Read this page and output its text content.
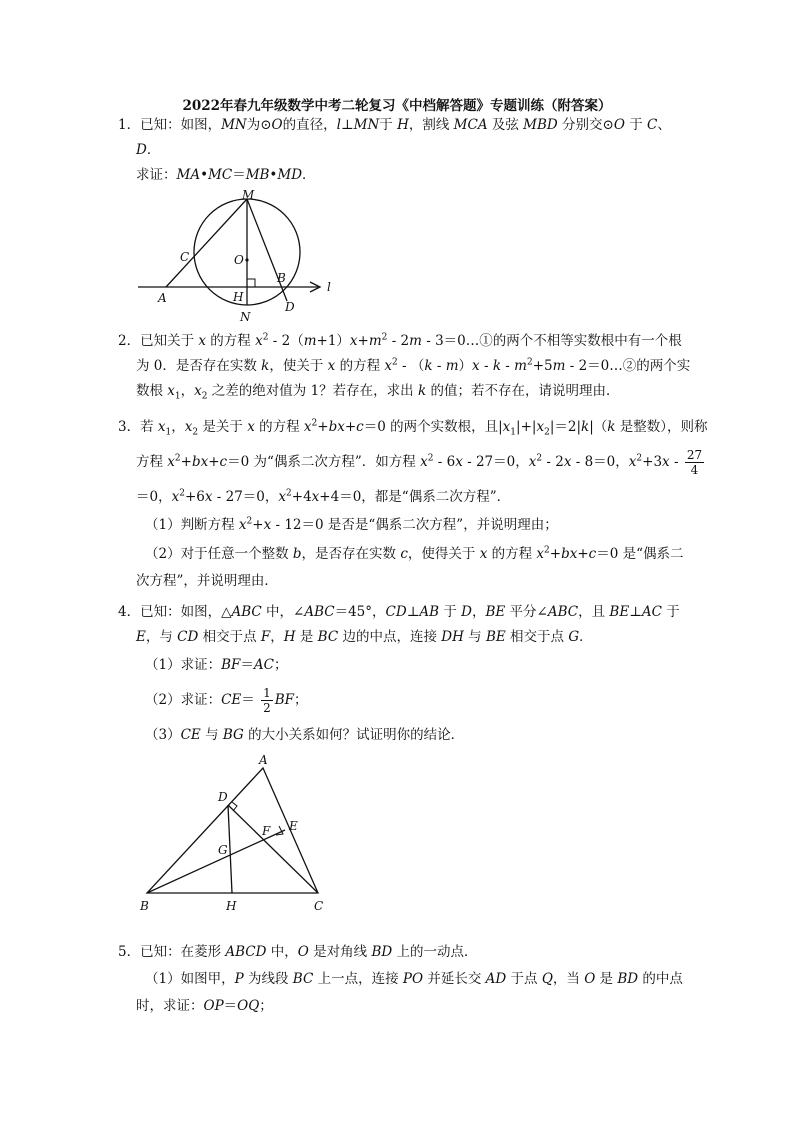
2022年春九年级数学中考二轮复习《中档解答题》专题训练（附答案）
1．已知：如图，MN为⊙O的直径，l⊥MN于 H，割线 MCA 及弦 MBD 分别交⊙O 于 C、
D．
求证：MA•MC＝MB•MD．
M
O
C
B
A	H
D
N
l
2．已知关于 x 的方程 $x^2 - 2(m+1)x+m^2 - 2m$ - 3＝0…①的两个不相等实数根中有一个根
为 0．是否存在实数 k，使关于 x 的方程 $x^2 - (k - m)x - k - m^2+5m$ - 2＝0…②的两个实
数根 $x_1$，$x_2$ 之差的绝对值为 1？若存在，求出 k 的值；若不存在，请说明理由．
3．若 $x_1$，$x_2$ 是关于 x 的方程 $x^2+bx+c=0$ 的两个实数根，且$|x_1|+|x_2|=2|k|(k$ 是整数），则称
方程 $x^2+bx+c=0$ 为“偶系二次方程”．如方程 $x^2 - 6x - 27=0$，$x^2 - 2x - 8=0$，$x^2+3x - \frac{27}{4}$
＝0，$x^2+6x - 27=0$，$x^2+4x+4=0$，都是“偶系二次方程”．
（1）判断方程 $x^2+x - 12=0$ 是否是“偶系二次方程”，并说明理由；
（2）对于任意一个整数 b，是否存在实数 c，使得关于 x 的方程 $x^2+bx+c=0$ 是“偶系二
次方程”，并说明理由．
4．已知：如图，△ABC 中，∠ABC＝45°，CD⊥AB 于 D，BE 平分∠ABC，且 BE⊥AC 于
E，与 CD 相交于点 F，H 是 BC 边的中点，连接 DH 与 BE 相交于点 G．
（1）求证：BF＝AC；
（2）求证：$CE= \frac{1}{2}$ BF；
（3）CE 与 BG 的大小关系如何？试证明你的结论．
A
D
E
F
G
B	H	C
5．已知：在菱形 ABCD 中，O 是对角线 BD 上的一动点．
（1）如图甲，P 为线段 BC 上一点，连接 PO 并延长交 AD 于点 Q，当 O 是 BD 的中点
时，求证：OP＝OQ；
